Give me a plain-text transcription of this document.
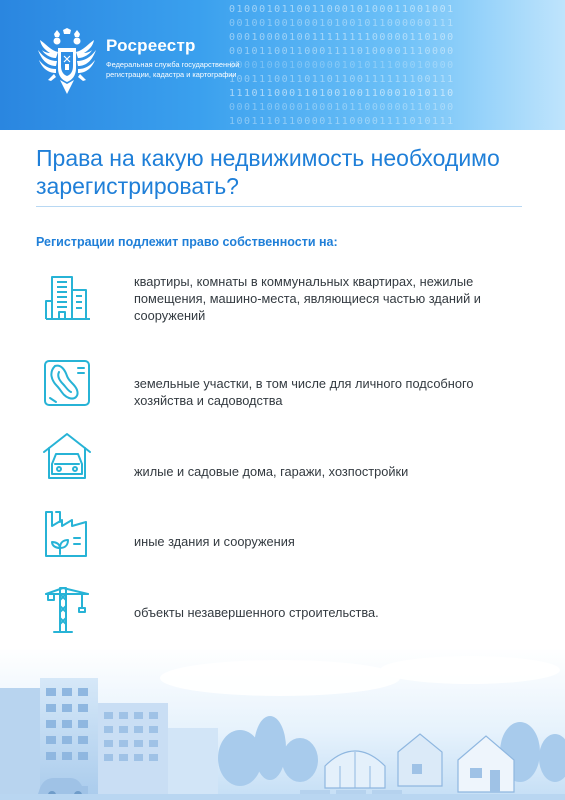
010001011001100010100011001001
001001001000101001011000000111
000100001001111111100000110100
001011001100011110100001110000
000010001000000101011100010000
100111001101101100111111100111
111011000110100100110001010110
000110000010001011000000110100
100111011000011100001111010111
Росреестр
Федеральная служба государственной регистрации, кадастра и картографии
Права на какую недвижимость необходимо зарегистрировать?
Регистрации подлежит право собственности на:
квартиры, комнаты в коммунальных квартирах, нежилые помещения, машино-места, являющиеся частью зданий и сооружений
земельные участки, в том числе для личного подсобного хозяйства и садоводства
жилые и садовые дома, гаражи, хозпостройки
иные здания и сооружения
объекты незавершенного строительства.
